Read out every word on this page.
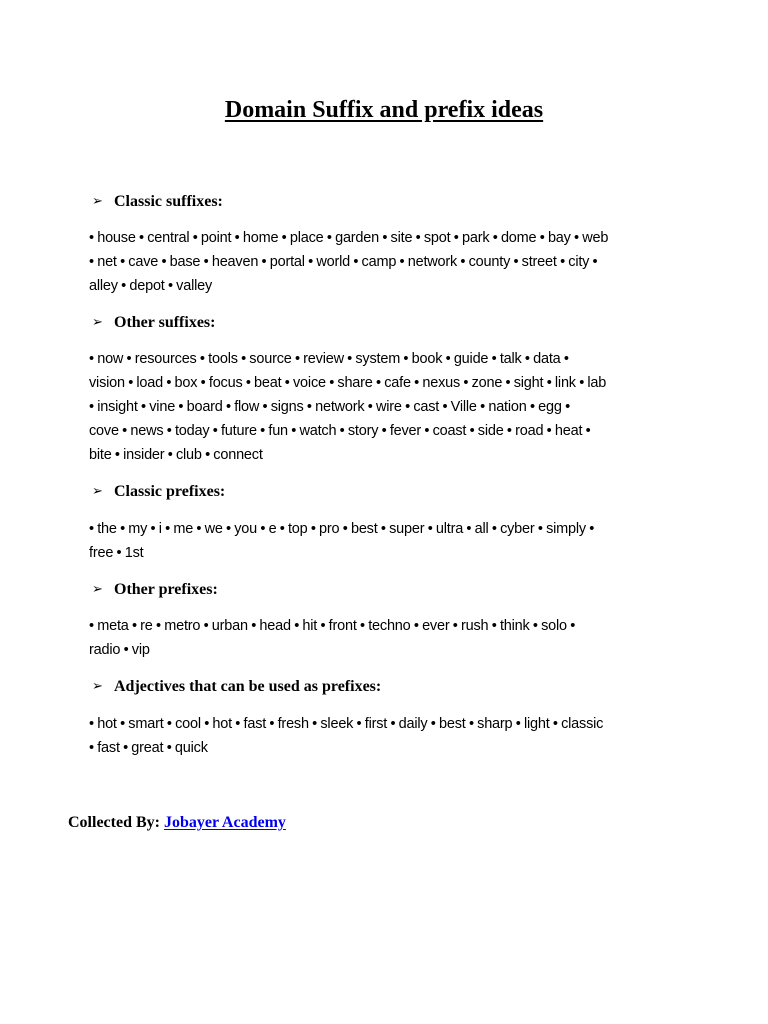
Domain Suffix and prefix ideas
➢ Classic suffixes:
• house • central • point • home • place • garden • site • spot • park • dome • bay • web
• net • cave • base • heaven • portal • world • camp • network • county • street • city •
alley • depot • valley
➢ Other suffixes:
• now • resources • tools • source • review • system • book • guide • talk • data •
vision • load • box • focus • beat • voice • share • cafe • nexus • zone • sight • link • lab
• insight • vine • board • flow • signs • network • wire • cast • Ville • nation • egg •
cove • news • today • future • fun • watch • story • fever • coast • side • road • heat •
bite • insider • club • connect
➢ Classic prefixes:
• the • my • i • me • we • you • e • top • pro • best • super • ultra • all • cyber • simply •
free • 1st
➢ Other prefixes:
• meta • re • metro • urban • head • hit • front • techno • ever • rush • think • solo •
radio • vip
➢ Adjectives that can be used as prefixes:
• hot • smart • cool • hot • fast • fresh • sleek • first • daily • best • sharp • light • classic
• fast • great • quick
Collected By: Jobayer Academy
